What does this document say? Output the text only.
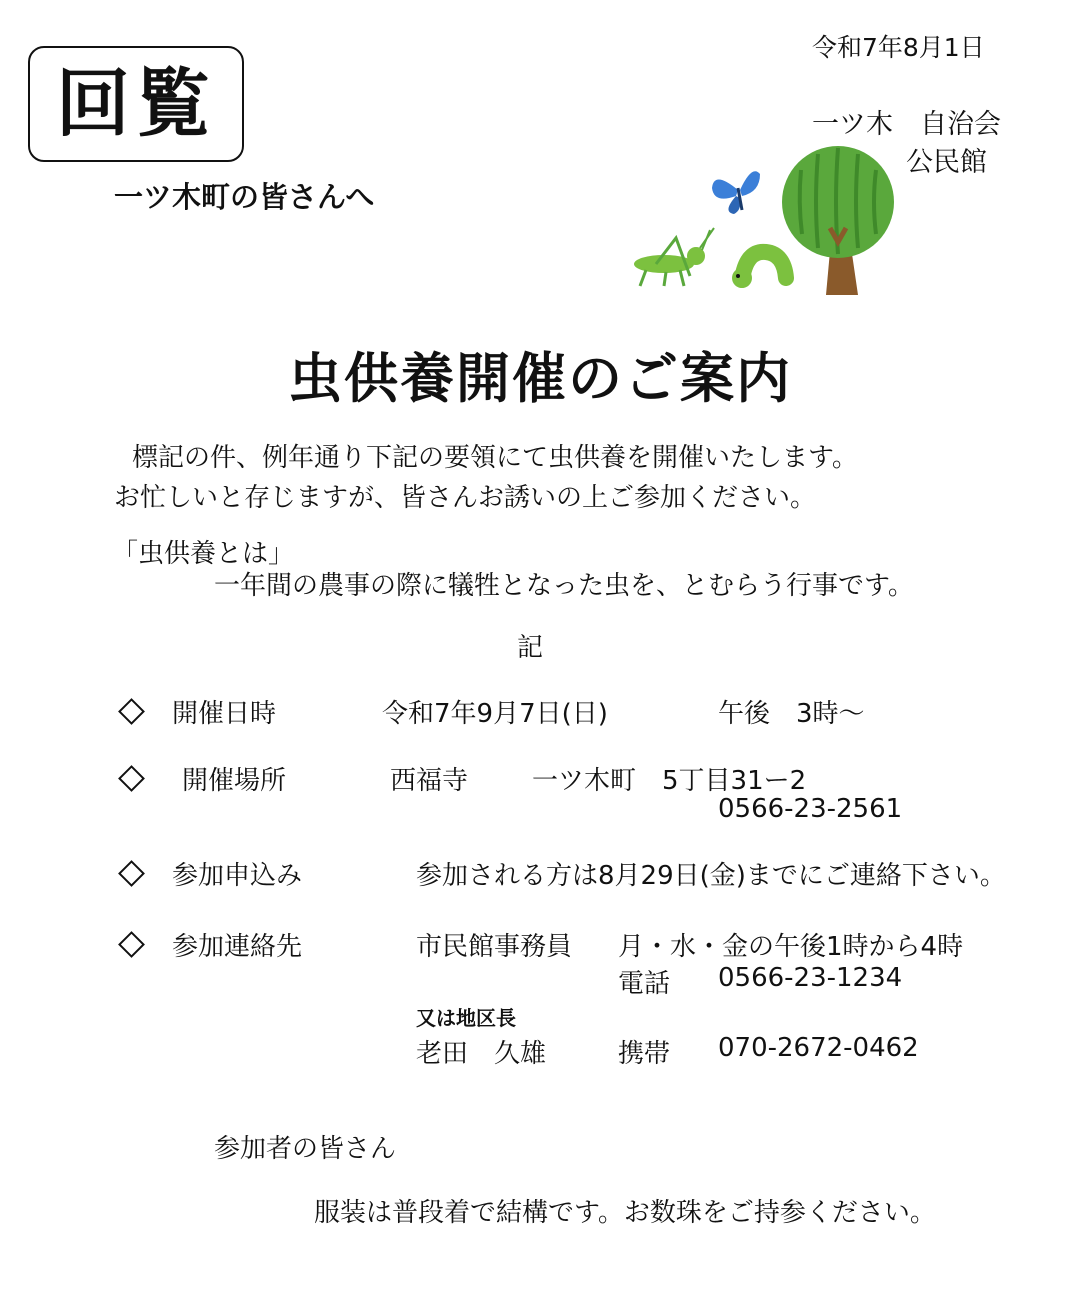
回覧
一ツ木町の皆さんへ
令和7年8月1日
一ツ木　自治会
公民館
虫供養開催のご案内
標記の件、例年通り下記の要領にて虫供養を開催いたします。
お忙しいと存じますが、皆さんお誘いの上ご参加ください。
「虫供養とは」
一年間の農事の際に犠牲となった虫を、とむらう行事です。
記
開催日時	令和7年9月7日(日)	午後　3時～
開催場所	西福寺 一ツ木町　5丁目31ー2
0566-23-2561
参加申込み	参加される方は8月29日(金)までにご連絡下さい。
参加連絡先	市民館事務員 月・水・金の午後1時から4時
電話 0566-23-1234
又は地区長
老田　久雄	携帯 070-2672-0462
参加者の皆さん
服装は普段着で結構です。お数珠をご持参ください。
